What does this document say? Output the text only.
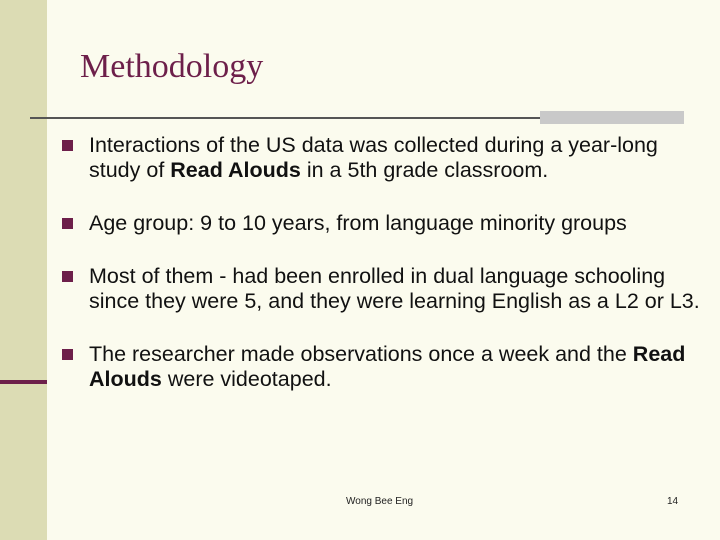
Methodology
Interactions of the US data was collected during a year-long study of Read Alouds in a 5th grade classroom.
Age group: 9 to 10 years, from language minority groups
Most of them - had been enrolled in dual language schooling since they were 5, and they were learning English as a L2 or L3.
The researcher made observations once a week and the Read Alouds were videotaped.
Wong Bee Eng	14
